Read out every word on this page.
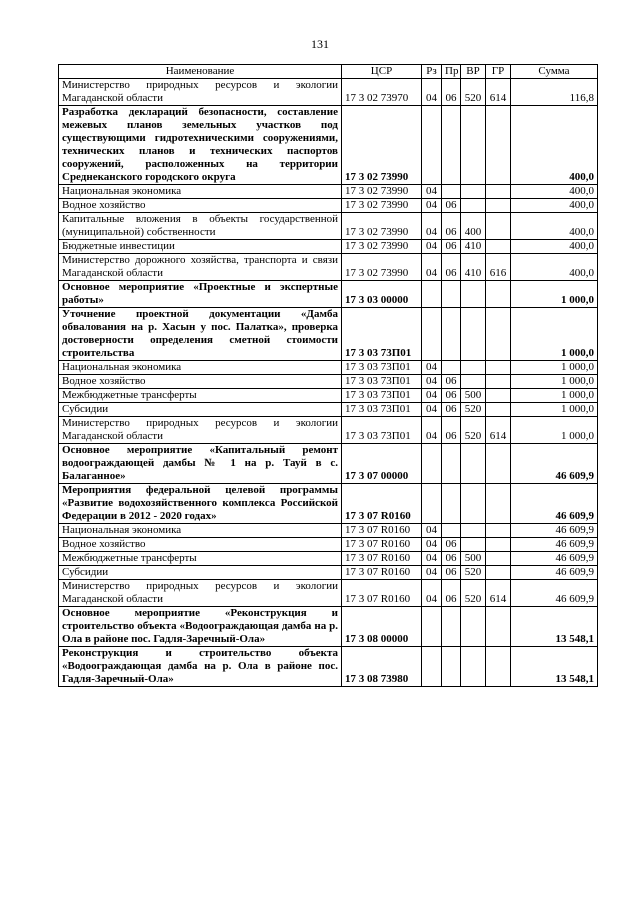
131
Наименование	ЦСР	Рз	Пр	ВР	ГР	Сумма
Министерство природных ресурсов и экологии Магаданской области	17 3 02 73970	04	06	520	614	116,8
Разработка деклараций безопасности, составление межевых планов земельных участков под существующими гидротехническими сооружениями, технических планов и технических паспортов сооружений, расположенных на территории Среднеканского городского округа	17 3 02 73990					400,0
Национальная экономика	17 3 02 73990	04				400,0
Водное хозяйство	17 3 02 73990	04	06			400,0
Капитальные вложения в объекты государственной (муниципальной) собственности	17 3 02 73990	04	06	400		400,0
Бюджетные инвестиции	17 3 02 73990	04	06	410		400,0
Министерство дорожного хозяйства, транспорта и связи Магаданской области	17 3 02 73990	04	06	410	616	400,0
Основное мероприятие «Проектные и экспертные работы»	17 3 03 00000					1 000,0
Уточнение проектной документации «Дамба обвалования на р. Хасын у пос. Палатка», проверка достоверности определения сметной стоимости строительства	17 3 03 73П01					1 000,0
Национальная экономика	17 3 03 73П01	04				1 000,0
Водное хозяйство	17 3 03 73П01	04	06			1 000,0
Межбюджетные трансферты	17 3 03 73П01	04	06	500		1 000,0
Субсидии	17 3 03 73П01	04	06	520		1 000,0
Министерство природных ресурсов и экологии Магаданской области	17 3 03 73П01	04	06	520	614	1 000,0
Основное мероприятие «Капитальный ремонт водоограждающей дамбы № 1 на р. Тауй в с. Балаганное»	17 3 07 00000					46 609,9
Мероприятия федеральной целевой программы «Развитие водохозяйственного комплекса Российской Федерации в 2012 - 2020 годах»	17 3 07 R0160					46 609,9
Национальная экономика	17 3 07 R0160	04				46 609,9
Водное хозяйство	17 3 07 R0160	04	06			46 609,9
Межбюджетные трансферты	17 3 07 R0160	04	06	500		46 609,9
Субсидии	17 3 07 R0160	04	06	520		46 609,9
Министерство природных ресурсов и экологии Магаданской области	17 3 07 R0160	04	06	520	614	46 609,9
Основное мероприятие «Реконструкция и строительство объекта «Водоограждающая дамба на р. Ола в районе пос. Гадля-Заречный-Ола»	17 3 08 00000					13 548,1
Реконструкция и строительство объекта «Водоограждающая дамба на р. Ола в районе пос. Гадля-Заречный-Ола»	17 3 08 73980					13 548,1
